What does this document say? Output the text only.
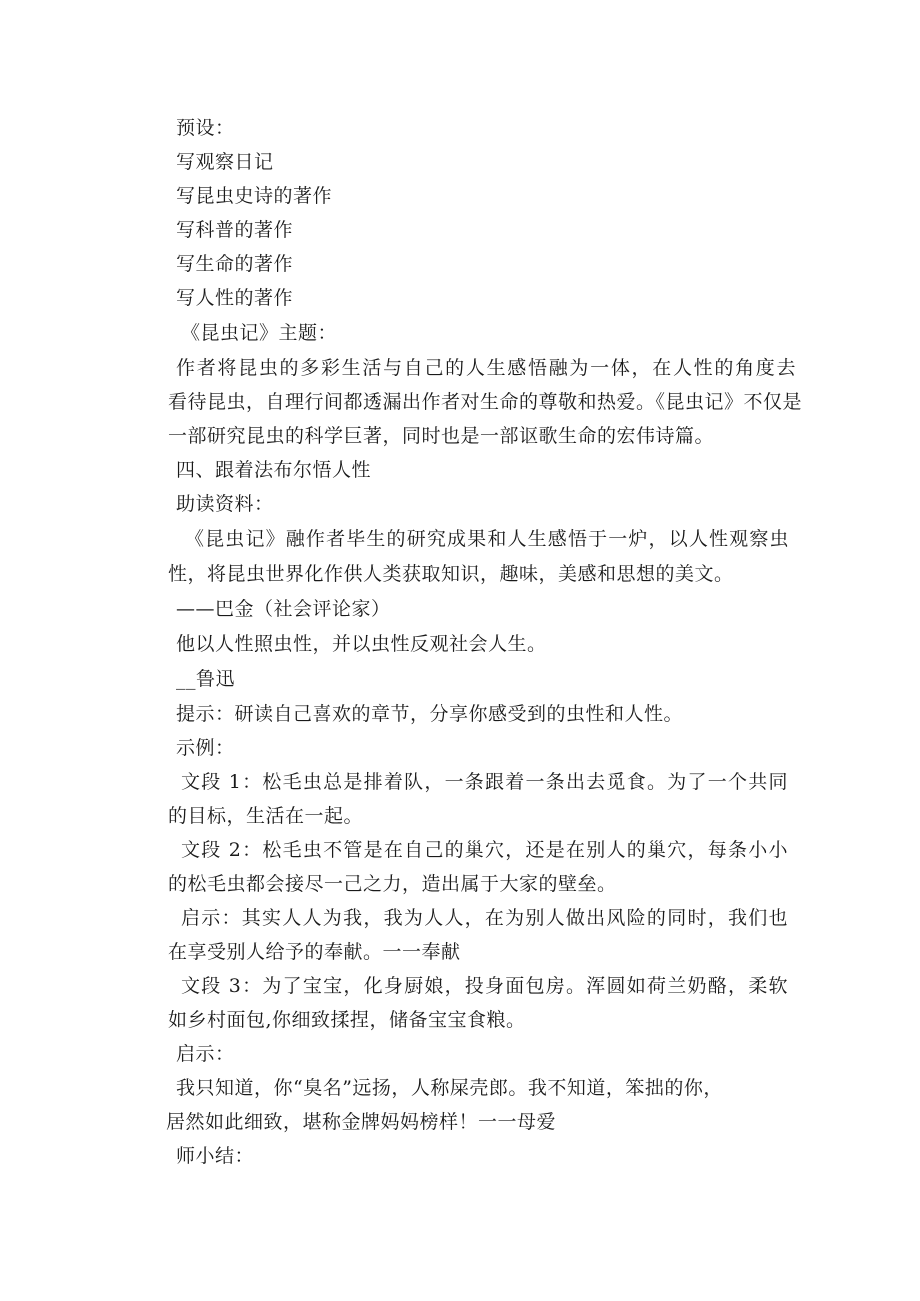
预设：
写观察日记
写昆虫史诗的著作
写科普的著作
写生命的著作
写人性的著作
《昆虫记》主题：
作者将昆虫的多彩生活与自己的人生感悟融为一体，在人性的角度去
看待昆虫，自理行间都透漏出作者对生命的尊敬和热爱。《昆虫记》不仅是
一部研究昆虫的科学巨著，同时也是一部讴歌生命的宏伟诗篇。
四、跟着法布尔悟人性
助读资料：
《昆虫记》融作者毕生的研究成果和人生感悟于一炉，以人性观察虫
性，将昆虫世界化作供人类获取知识，趣味，美感和思想的美文。
——巴金（社会评论家）
他以人性照虫性，并以虫性反观社会人生。
__鲁迅
提示：研读自己喜欢的章节，分享你感受到的虫性和人性。
示例：
文段 1：松毛虫总是排着队，一条跟着一条出去觅食。为了一个共同
的目标，生活在一起。
文段 2：松毛虫不管是在自己的巢穴，还是在别人的巢穴，每条小小
的松毛虫都会接尽一己之力，造出属于大家的壁垒。
启示：其实人人为我，我为人人，在为别人做出风险的同时，我们也
在享受别人给予的奉献。一一奉献
文段 3：为了宝宝，化身厨娘，投身面包房。浑圆如荷兰奶酪，柔软
如乡村面包,你细致揉捏，储备宝宝食粮。
启示：
我只知道，你“臭名”远扬，人称屎壳郎。我不知道，笨拙的你，
居然如此细致，堪称金牌妈妈榜样！一一母爱
师小结：
